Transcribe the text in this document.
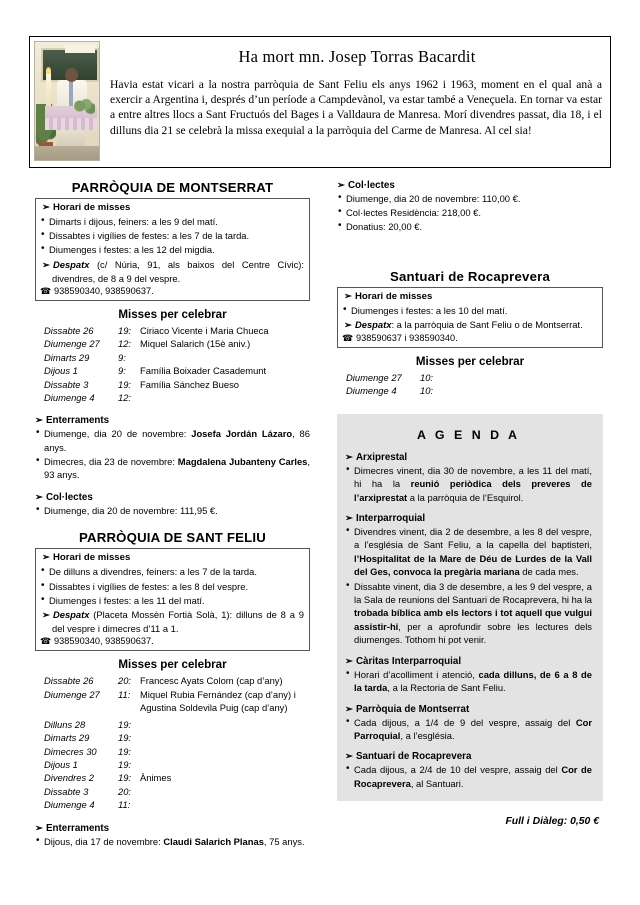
Ha mort mn. Josep Torras Bacardit
Havia estat vicari a la nostra parròquia de Sant Feliu els anys 1962 i 1963, moment en el qual anà a exercir a Argentina i, després d’un període a Campdevànol, va estar també a Veneçuela. En tornar va estar a entre altres llocs a Sant Fructuós del Bages i a Valldaura de Manresa. Morí divendres passat, dia 18, i el dilluns dia 21 se celebrà la missa exequial a la parròquia del Carme de Manresa. Al cel sia!
PARRÒQUIA DE MONTSERRAT
➢ Horari de misses
• Dimarts i dijous, feiners: a les 9 del matí.
• Dissabtes i vigílies de festes: a les 7 de la tarda.
• Diumenges i festes: a les 12 del migdia.
➢ Despatx (c/ Núria, 91, als baixos del Centre Cívic): divendres, de 8 a 9 del vespre.
☎ 938590340, 938590637.
Misses per celebrar
Dissabte 26	19:	Ciriaco Vicente i Maria Chueca
Diumenge 27	12:	Miquel Salarich (15è aniv.)
Dimarts 29	9:	
Dijous 1	9:	Família Boixader Casademunt
Dissabte 3	19:	Família Sánchez Bueso
Diumenge 4	12:	
➢ Enterraments
• Diumenge, dia 20 de novembre: Josefa Jordán Lázaro, 86 anys.
• Dimecres, dia 23 de novembre: Magdalena Jubanteny Carles, 93 anys.
➢ Col·lectes
• Diumenge, dia 20 de novembre: 111,95 €.
PARRÒQUIA DE SANT FELIU
➢ Horari de misses
• De dilluns a divendres, feiners: a les 7 de la tarda.
• Dissabtes i vigílies de festes: a les 8 del vespre.
• Diumenges i festes: a les 11 del matí.
➢ Despatx (Placeta Mossèn Fortià Solà, 1): dilluns de 8 a 9 del vespre i dimecres d’11 a 1.
☎ 938590340, 938590637.
Misses per celebrar
Dissabte 26	20:	Francesc Ayats Colom (cap d’any)
Diumenge 27	11:	Miquel Rubia Fernández (cap d’any) i Agustina Soldevila Puig (cap d’any)
Dilluns 28	19:	
Dimarts 29	19:	
Dimecres 30	19:	
Dijous 1	19:	
Divendres 2	19:	Ànimes
Dissabte 3	20:	
Diumenge 4	11:	
➢ Enterraments
• Dijous, dia 17 de novembre: Claudi Salarich Planas, 75 anys.
➢ Col·lectes
• Diumenge, dia 20 de novembre: 110,00 €.
• Col·lectes Residència: 218,00 €.
• Donatius: 20,00 €.
Santuari de Rocaprevera
➢ Horari de misses
• Diumenges i festes: a les 10 del matí.
➢ Despatx: a la parròquia de Sant Feliu o de Montserrat.
☎ 938590637 i 938590340.
Misses per celebrar
Diumenge 27	10:	
Diumenge 4	10:	
A G E N D A
➢ Arxiprestal
• Dimecres vinent, dia 30 de novembre, a les 11 del matí, hi ha la reunió periòdica dels preveres de l’arxiprestat a la parròquia de l’Esquirol.
➢ Interparroquial
• Divendres vinent, dia 2 de desembre, a les 8 del vespre, a l’església de Sant Feliu, a la capella del baptisteri, l’Hospitalitat de la Mare de Déu de Lurdes de la Vall del Ges, convoca la pregària mariana de cada mes.
• Dissabte vinent, dia 3 de desembre, a les 9 del vespre, a la Sala de reunions del Santuari de Rocaprevera, hi ha la trobada bíblica amb els lectors i tot aquell que vulgui assistir-hi, per a aprofundir sobre les lectures dels diumenges. Tothom hi pot venir.
➢ Càritas Interparroquial
• Horari d’acolliment i atenció, cada dilluns, de 6 a 8 de la tarda, a la Rectoria de Sant Feliu.
➢ Parròquia de Montserrat
• Cada dijous, a 1/4 de 9 del vespre, assaig del Cor Parroquial, a l’església.
➢ Santuari de Rocaprevera
• Cada dijous, a 2/4 de 10 del vespre, assaig del Cor de Rocaprevera, al Santuari.
Full i Diàleg: 0,50 €
